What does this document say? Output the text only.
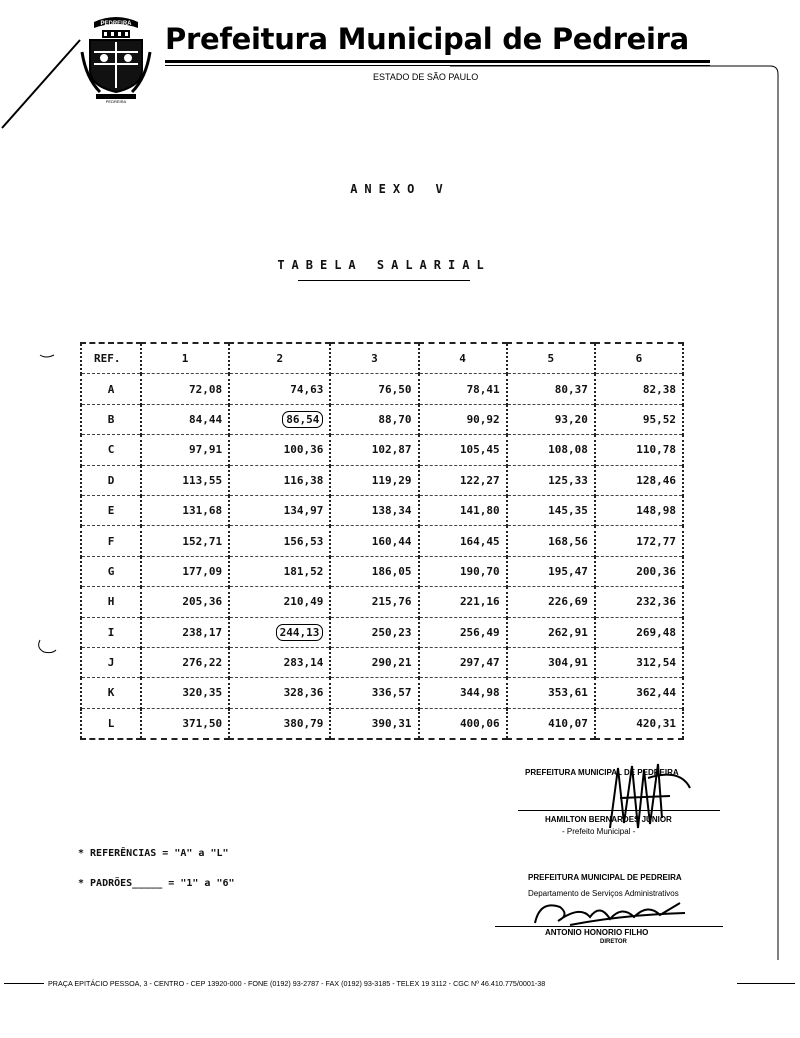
PEDREIRA
PEDREIRA
Prefeitura Municipal de Pedreira
ESTADO DE SÃO PAULO
ANEXO V
TABELA SALARIAL
REF.	1	2	3	4	5	6
A	72,08	74,63	76,50	78,41	80,37	82,38
B	84,44	86,54	88,70	90,92	93,20	95,52
C	97,91	100,36	102,87	105,45	108,08	110,78
D	113,55	116,38	119,29	122,27	125,33	128,46
E	131,68	134,97	138,34	141,80	145,35	148,98
F	152,71	156,53	160,44	164,45	168,56	172,77
G	177,09	181,52	186,05	190,70	195,47	200,36
H	205,36	210,49	215,76	221,16	226,69	232,36
I	238,17	244,13	250,23	256,49	262,91	269,48
J	276,22	283,14	290,21	297,47	304,91	312,54
K	320,35	328,36	336,57	344,98	353,61	362,44
L	371,50	380,79	390,31	400,06	410,07	420,31
* REFERÊNCIAS = "A" a "L"
* PADRÕES_____ = "1" a "6"
PREFEITURA MUNICIPAL DE PEDREIRA
HAMILTON BERNARDES JUNIOR
- Prefeito Municipal -
PREFEITURA MUNICIPAL DE PEDREIRA
Departamento de Serviços Administrativos
ANTONIO HONORIO FILHO
DIRETOR
PRAÇA EPITÁCIO PESSOA, 3 - CENTRO - CEP 13920-000 - FONE (0192) 93-2787 - FAX (0192) 93-3185 - TELEX 19 3112 - CGC Nº 46.410.775/0001-38
